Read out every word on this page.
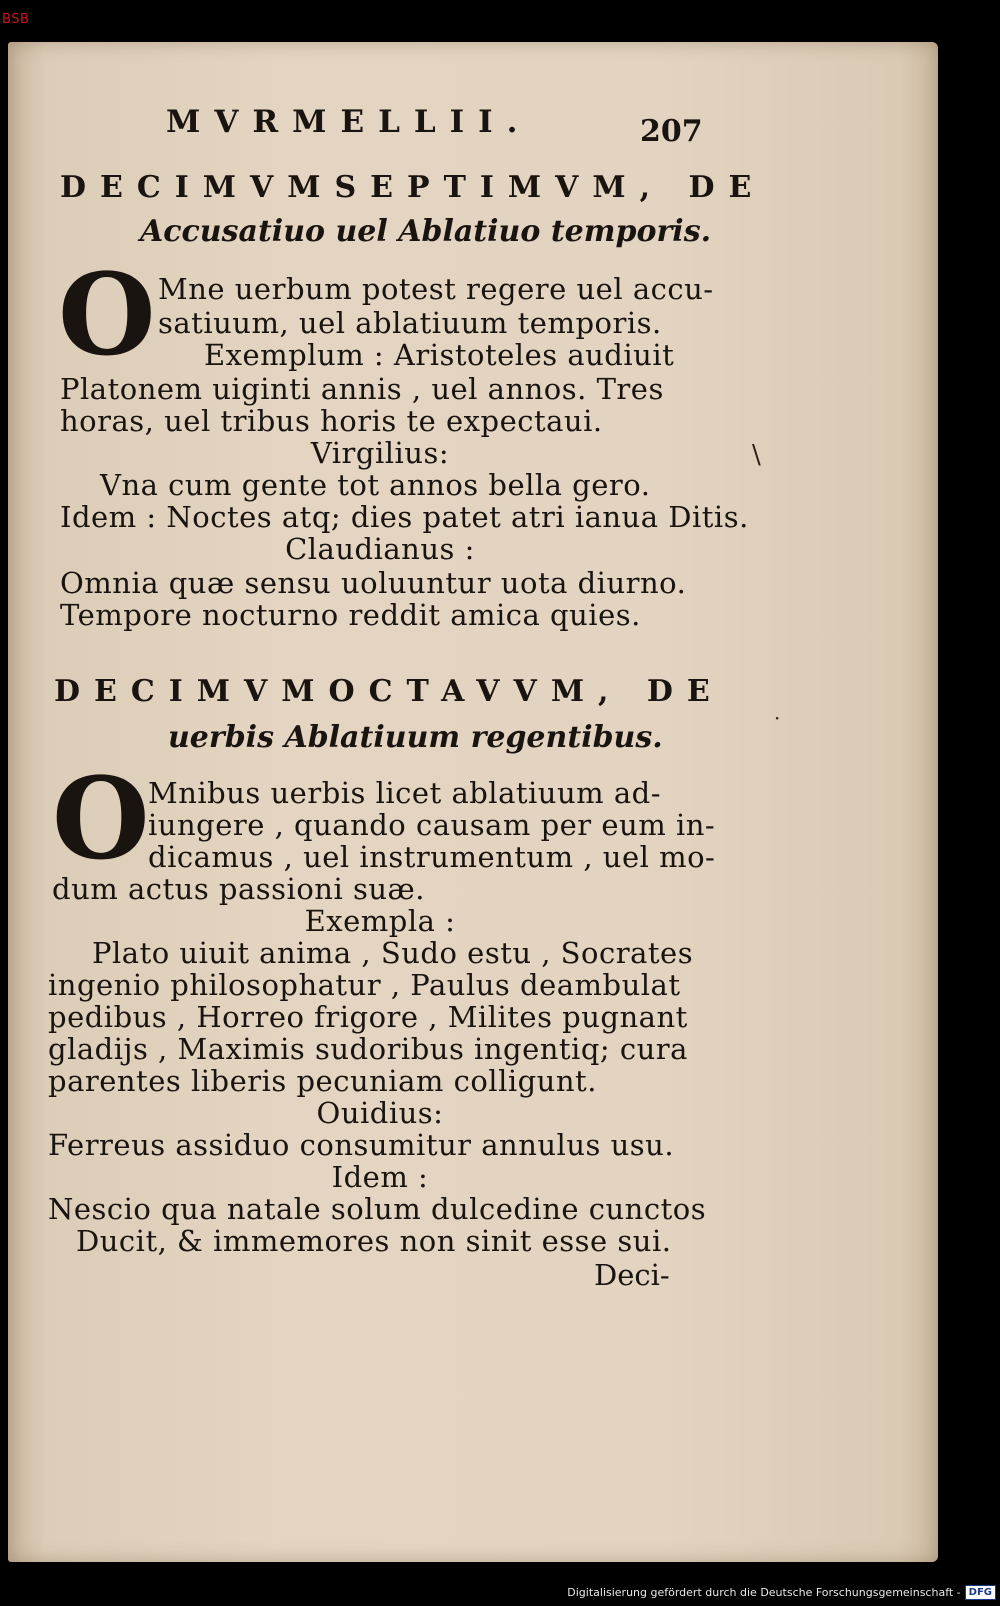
BSB
MVRMELLII.	207
DECIMVMSEPTIMVM, DE
Accusatiuo uel Ablatiuo temporis.
O Mne uerbum potest regere uel accu-
satiuum, uel ablatiuum temporis.
Exemplum : Aristoteles audiuit
Platonem uiginti annis , uel annos. Tres
horas, uel tribus horis te expectaui.
Virgilius:
Vna cum gente tot annos bella gero.
Idem : Noctes atq; dies patet atri ianua Ditis.
Claudianus :
Omnia quæ sensu uoluuntur uota diurno.
Tempore nocturno reddit amica quies.
DECIMVMOCTAVVM, DE
uerbis Ablatiuum regentibus.
O
Mnibus uerbis licet ablatiuum ad-
iungere , quando causam per eum in-
dicamus , uel instrumentum , uel mo-
dum actus passioni suæ.
Exempla :
Plato uiuit anima , Sudo estu , Socrates
ingenio philosophatur , Paulus deambulat
pedibus , Horreo frigore , Milites pugnant
gladijs , Maximis sudoribus ingentiq; cura
parentes liberis pecuniam colligunt.
Ouidius:
Ferreus assiduo consumitur annulus usu.
Idem :
Nescio qua natale solum dulcedine cunctos
Ducit, & immemores non sinit esse sui.
Deci-
\
·
Digitalisierung gefördert durch die Deutsche Forschungsgemeinschaft - DFG
